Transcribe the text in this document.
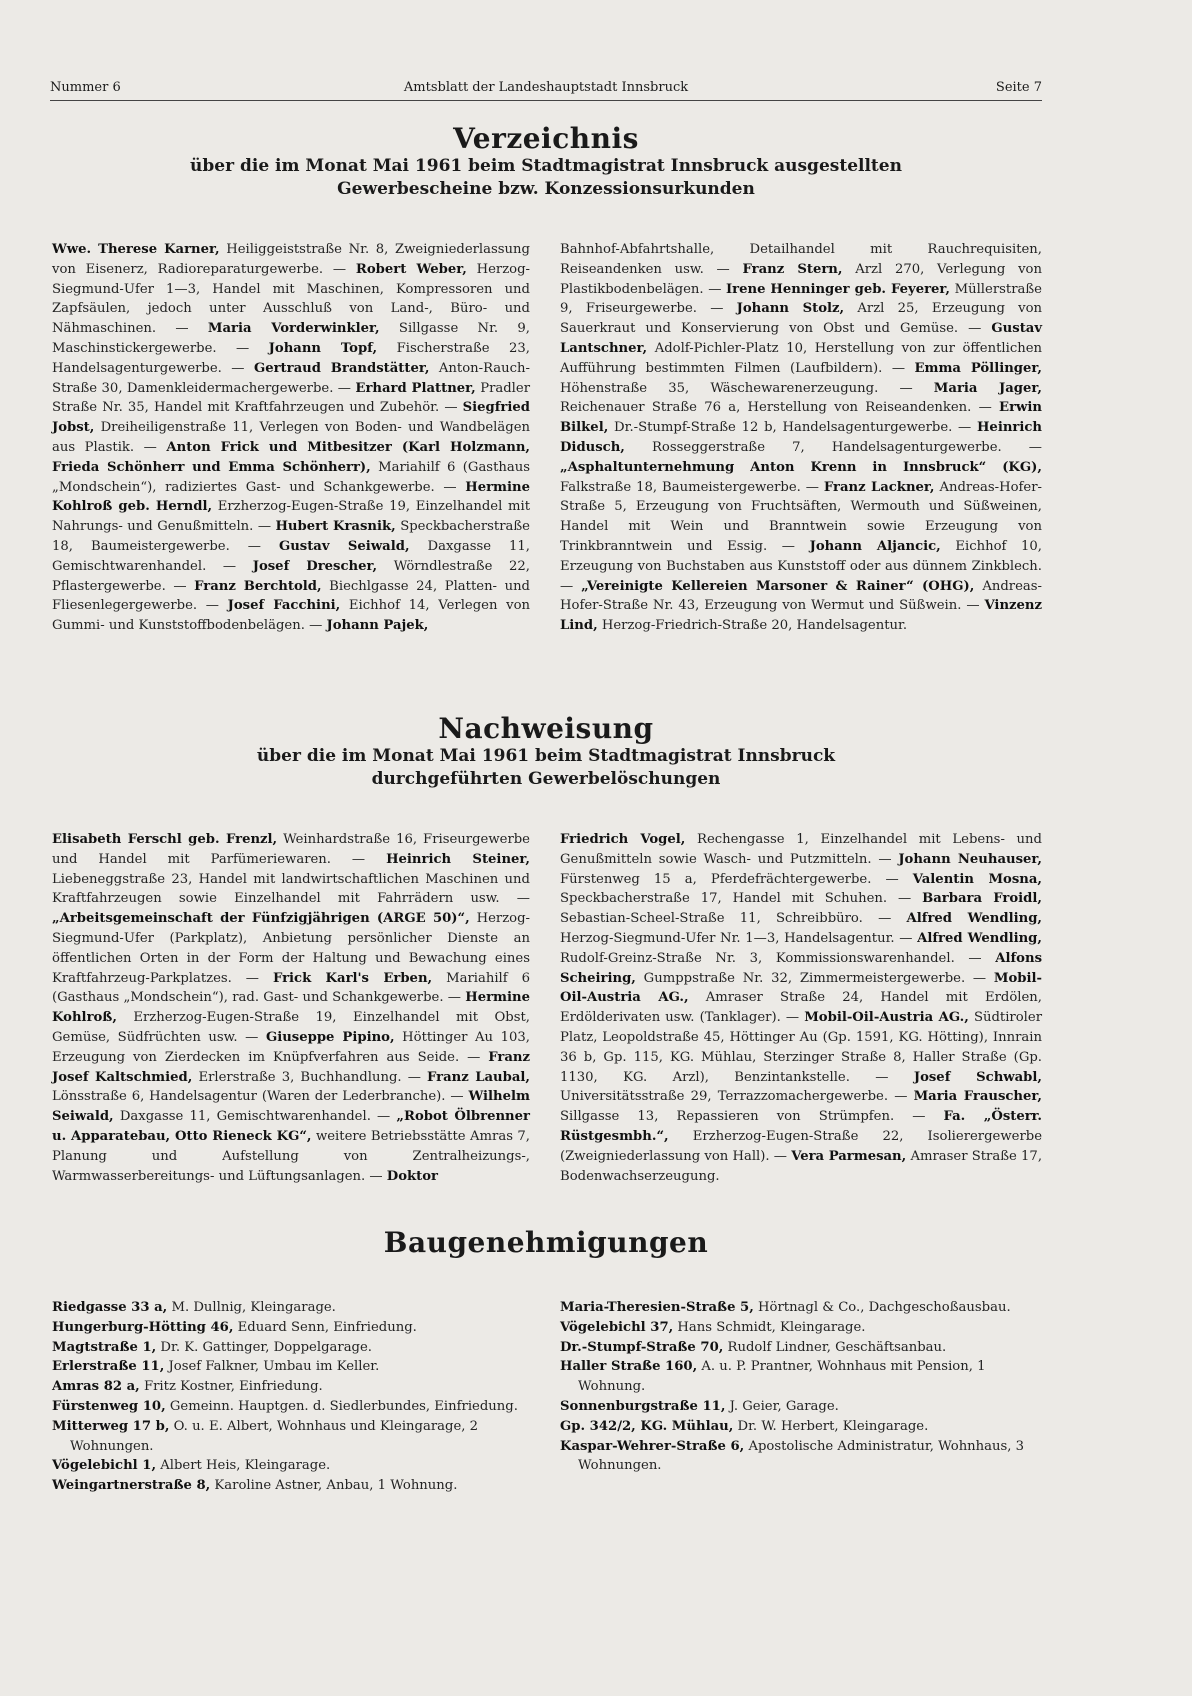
Nummer 6	Amtsblatt der Landeshauptstadt Innsbruck	Seite 7
Verzeichnis
über die im Monat Mai 1961 beim Stadtmagistrat Innsbruck ausgestellten
Gewerbescheine bzw. Konzessionsurkunden

Wwe. Therese Karner, Heiliggeiststraße Nr. 8, Zweigniederlassung von Eisenerz, Radioreparaturgewerbe. — Robert Weber, Herzog-Siegmund-Ufer 1—3, Handel mit Maschinen, Kompressoren und Zapfsäulen, jedoch unter Ausschluß von Land-, Büro- und Nähmaschinen. — Maria Vorderwinkler, Sillgasse Nr. 9, Maschinstickergewerbe. — Johann Topf, Fischerstraße 23, Handelsagenturgewerbe. — Gertraud Brandstätter, Anton-Rauch-Straße 30, Damenkleidermachergewerbe. — Erhard Plattner, Pradler Straße Nr. 35, Handel mit Kraftfahrzeugen und Zubehör. — Siegfried Jobst, Dreiheiligenstraße 11, Verlegen von Boden- und Wandbelägen aus Plastik. — Anton Frick und Mitbesitzer (Karl Holzmann, Frieda Schönherr und Emma Schönherr), Mariahilf 6 (Gasthaus „Mondschein“), radiziertes Gast- und Schankgewerbe. — Hermine Kohlroß geb. Herndl, Erzherzog-Eugen-Straße 19, Einzelhandel mit Nahrungs- und Genußmitteln. — Hubert Krasnik, Speckbacherstraße 18, Baumeistergewerbe. — Gustav Seiwald, Daxgasse 11, Gemischtwarenhandel. — Josef Drescher, Wörndlestraße 22, Pflastergewerbe. — Franz Berchtold, Biechlgasse 24, Platten- und Fliesenlegergewerbe. — Josef Facchini, Eichhof 14, Verlegen von Gummi- und Kunststoffbodenbelägen. — Johann Pajek,

Bahnhof-Abfahrtshalle, Detailhandel mit Rauchrequisiten, Reiseandenken usw. — Franz Stern, Arzl 270, Verlegung von Plastikbodenbelägen. — Irene Henninger geb. Feyerer, Müllerstraße 9, Friseurgewerbe. — Johann Stolz, Arzl 25, Erzeugung von Sauerkraut und Konservierung von Obst und Gemüse. — Gustav Lantschner, Adolf-Pichler-Platz 10, Herstellung von zur öffentlichen Aufführung bestimmten Filmen (Laufbildern). — Emma Pöllinger, Höhenstraße 35, Wäschewarenerzeugung. — Maria Jager, Reichenauer Straße 76 a, Herstellung von Reiseandenken. — Erwin Bilkel, Dr.-Stumpf-Straße 12 b, Handelsagenturgewerbe. — Heinrich Didusch, Rosseggerstraße 7, Handelsagenturgewerbe. — „Asphaltunternehmung Anton Krenn in Innsbruck“ (KG), Falkstraße 18, Baumeistergewerbe. — Franz Lackner, Andreas-Hofer-Straße 5, Erzeugung von Fruchtsäften, Wermouth und Süßweinen, Handel mit Wein und Branntwein sowie Erzeugung von Trinkbranntwein und Essig. — Johann Aljancic, Eichhof 10, Erzeugung von Buchstaben aus Kunststoff oder aus dünnem Zinkblech. — „Vereinigte Kellereien Marsoner & Rainer“ (OHG), Andreas-Hofer-Straße Nr. 43, Erzeugung von Wermut und Süßwein. — Vinzenz Lind, Herzog-Friedrich-Straße 20, Handelsagentur.

Nachweisung
über die im Monat Mai 1961 beim Stadtmagistrat Innsbruck
durchgeführten Gewerbelöschungen

Elisabeth Ferschl geb. Frenzl, Weinhardstraße 16, Friseurgewerbe und Handel mit Parfümeriewaren. — Heinrich Steiner, Liebeneggstraße 23, Handel mit landwirtschaftlichen Maschinen und Kraftfahrzeugen sowie Einzelhandel mit Fahrrädern usw. — „Arbeitsgemeinschaft der Fünfzigjährigen (ARGE 50)“, Herzog-Siegmund-Ufer (Parkplatz), Anbietung persönlicher Dienste an öffentlichen Orten in der Form der Haltung und Bewachung eines Kraftfahrzeug-Parkplatzes. — Frick Karl's Erben, Mariahilf 6 (Gasthaus „Mondschein“), rad. Gast- und Schankgewerbe. — Hermine Kohlroß, Erzherzog-Eugen-Straße 19, Einzelhandel mit Obst, Gemüse, Südfrüchten usw. — Giuseppe Pipino, Höttinger Au 103, Erzeugung von Zierdecken im Knüpfverfahren aus Seide. — Franz Josef Kaltschmied, Erlerstraße 3, Buchhandlung. — Franz Laubal, Lönsstraße 6, Handelsagentur (Waren der Lederbranche). — Wilhelm Seiwald, Daxgasse 11, Gemischtwarenhandel. — „Robot Ölbrenner u. Apparatebau, Otto Rieneck KG“, weitere Betriebsstätte Amras 7, Planung und Aufstellung von Zentralheizungs-, Warmwasserbereitungs- und Lüftungsanlagen. — Doktor

Friedrich Vogel, Rechengasse 1, Einzelhandel mit Lebens- und Genußmitteln sowie Wasch- und Putzmitteln. — Johann Neuhauser, Fürstenweg 15 a, Pferdefrächtergewerbe. — Valentin Mosna, Speckbacherstraße 17, Handel mit Schuhen. — Barbara Froidl, Sebastian-Scheel-Straße 11, Schreibbüro. — Alfred Wendling, Herzog-Siegmund-Ufer Nr. 1—3, Handelsagentur. — Alfred Wendling, Rudolf-Greinz-Straße Nr. 3, Kommissionswarenhandel. — Alfons Scheiring, Gumppstraße Nr. 32, Zimmermeistergewerbe. — Mobil-Oil-Austria AG., Amraser Straße 24, Handel mit Erdölen, Erdölderivaten usw. (Tanklager). — Mobil-Oil-Austria AG., Südtiroler Platz, Leopoldstraße 45, Höttinger Au (Gp. 1591, KG. Hötting), Innrain 36 b, Gp. 115, KG. Mühlau, Sterzinger Straße 8, Haller Straße (Gp. 1130, KG. Arzl), Benzintankstelle. — Josef Schwabl, Universitätsstraße 29, Terrazzomachergewerbe. — Maria Frauscher, Sillgasse 13, Repassieren von Strümpfen. — Fa. „Österr. Rüstgesmbh.“, Erzherzog-Eugen-Straße 22, Isolierergewerbe (Zweigniederlassung von Hall). — Vera Parmesan, Amraser Straße 17, Bodenwachserzeugung.

Baugenehmigungen
Riedgasse 33 a, M. Dullnig, Kleingarage.
Hungerburg-Hötting 46, Eduard Senn, Einfriedung.
Magtstraße 1, Dr. K. Gattinger, Doppelgarage.
Erlerstraße 11, Josef Falkner, Umbau im Keller.
Amras 82 a, Fritz Kostner, Einfriedung.
Fürstenweg 10, Gemeinn. Hauptgen. d. Siedlerbundes, Einfriedung.
Mitterweg 17 b, O. u. E. Albert, Wohnhaus und Kleingarage, 2 Wohnungen.
Vögelebichl 1, Albert Heis, Kleingarage.
Weingartnerstraße 8, Karoline Astner, Anbau, 1 Wohnung.
Maria-Theresien-Straße 5, Hörtnagl & Co., Dachgeschoßausbau.
Vögelebichl 37, Hans Schmidt, Kleingarage.
Dr.-Stumpf-Straße 70, Rudolf Lindner, Geschäftsanbau.
Haller Straße 160, A. u. P. Prantner, Wohnhaus mit Pension, 1 Wohnung.
Sonnenburgstraße 11, J. Geier, Garage.
Gp. 342/2, KG. Mühlau, Dr. W. Herbert, Kleingarage.
Kaspar-Wehrer-Straße 6, Apostolische Administratur, Wohnhaus, 3 Wohnungen.
